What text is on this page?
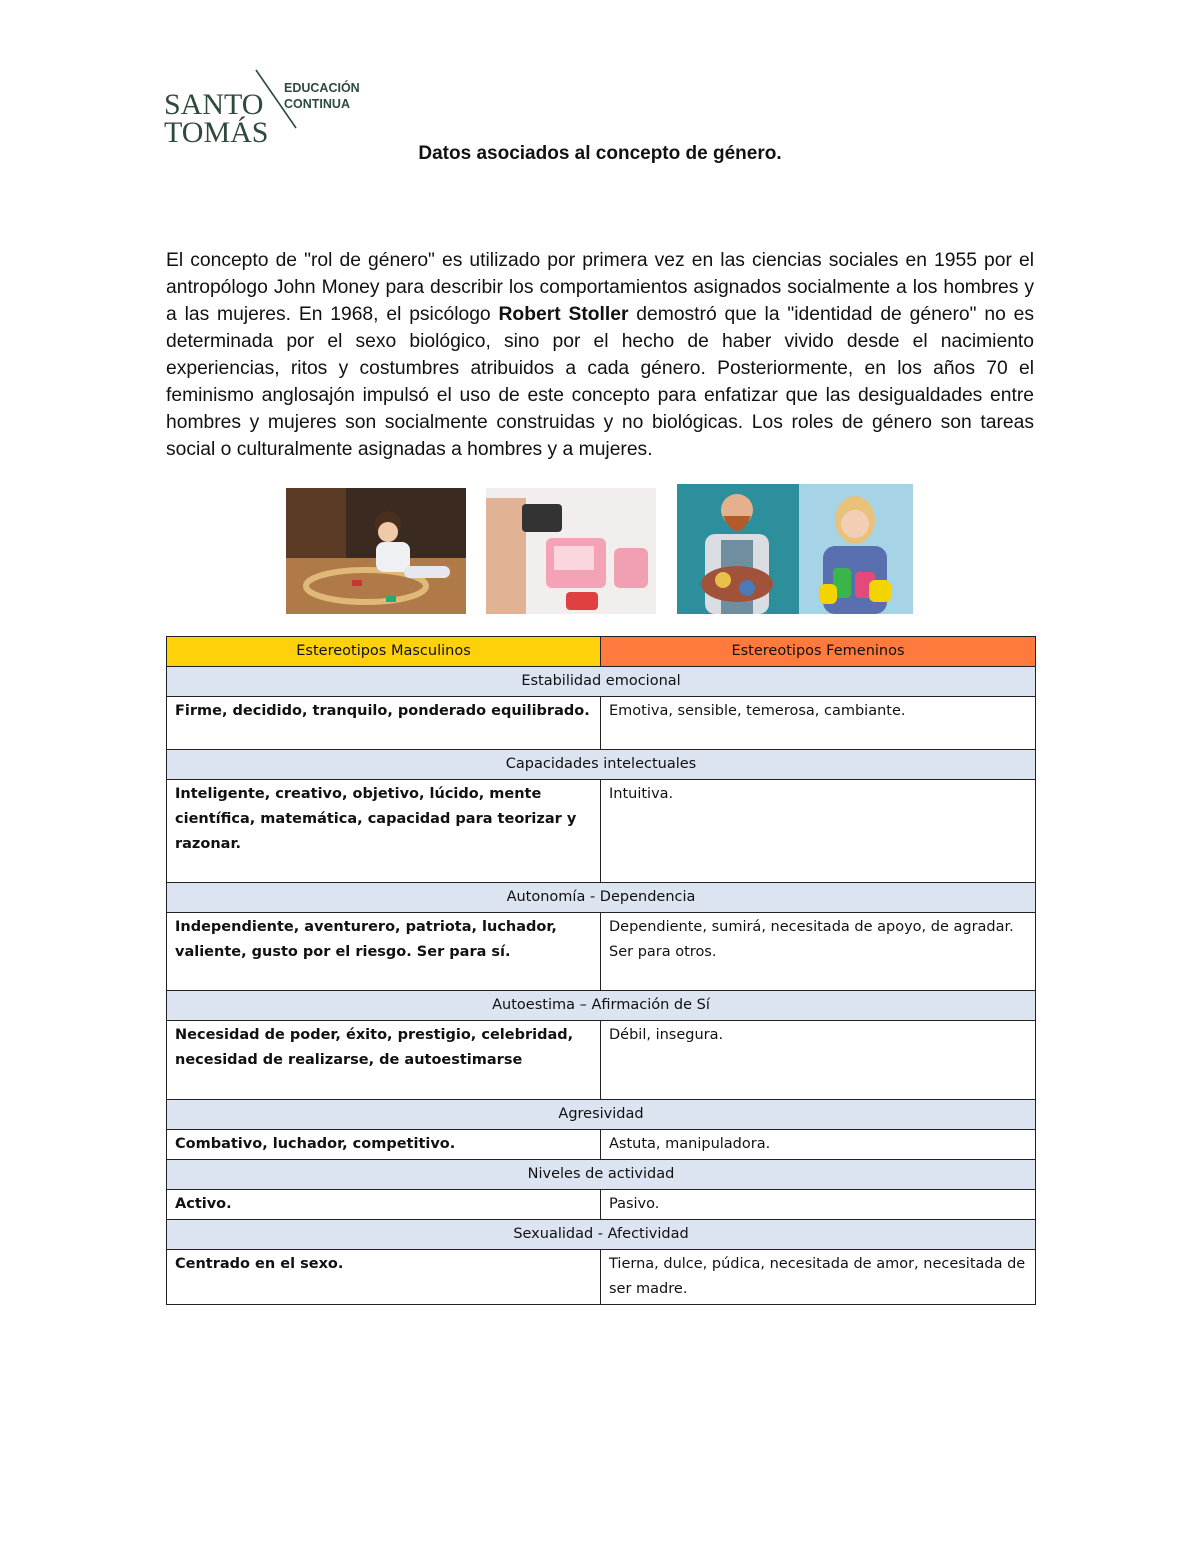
SANTO
TOMÁS
EDUCACIÓN
CONTINUA
Datos asociados al concepto de género.

El concepto de "rol de género" es utilizado por primera vez en las ciencias sociales en 1955 por el antropólogo John Money para describir los comportamientos asignados socialmente a los hombres y a las mujeres. En 1968, el psicólogo Robert Stoller demostró que la "identidad de género" no es determinada por el sexo biológico, sino por el hecho de haber vivido desde el nacimiento experiencias, ritos y costumbres atribuidos a cada género. Posteriormente, en los años 70 el feminismo anglosajón impulsó el uso de este concepto para enfatizar que las desigualdades entre hombres y mujeres son socialmente construidas y no biológicas. Los roles de género son tareas social o culturalmente asignadas a hombres y a mujeres.

Estereotipos Masculinos	Estereotipos Femeninos
Estabilidad emocional	
Firme, decidido, tranquilo, ponderado equilibrado.	Emotiva, sensible, temerosa, cambiante.
Capacidades intelectuales	
Inteligente, creativo, objetivo, lúcido, mente científica, matemática, capacidad para teorizar y razonar.	Intuitiva.
Autonomía - Dependencia	
Independiente, aventurero, patriota, luchador, valiente, gusto por el riesgo. Ser para sí.	Dependiente, sumirá, necesitada de apoyo, de agradar. Ser para otros.
Autoestima – Afirmación de Sí	
Necesidad de poder, éxito, prestigio, celebridad, necesidad de realizarse, de autoestimarse	Débil, insegura.
Agresividad	
Combativo, luchador, competitivo.	Astuta, manipuladora.
Niveles de actividad	
Activo.	Pasivo.
Sexualidad - Afectividad	
Centrado en el sexo.	Tierna, dulce, púdica, necesitada de amor, necesitada de ser madre.
